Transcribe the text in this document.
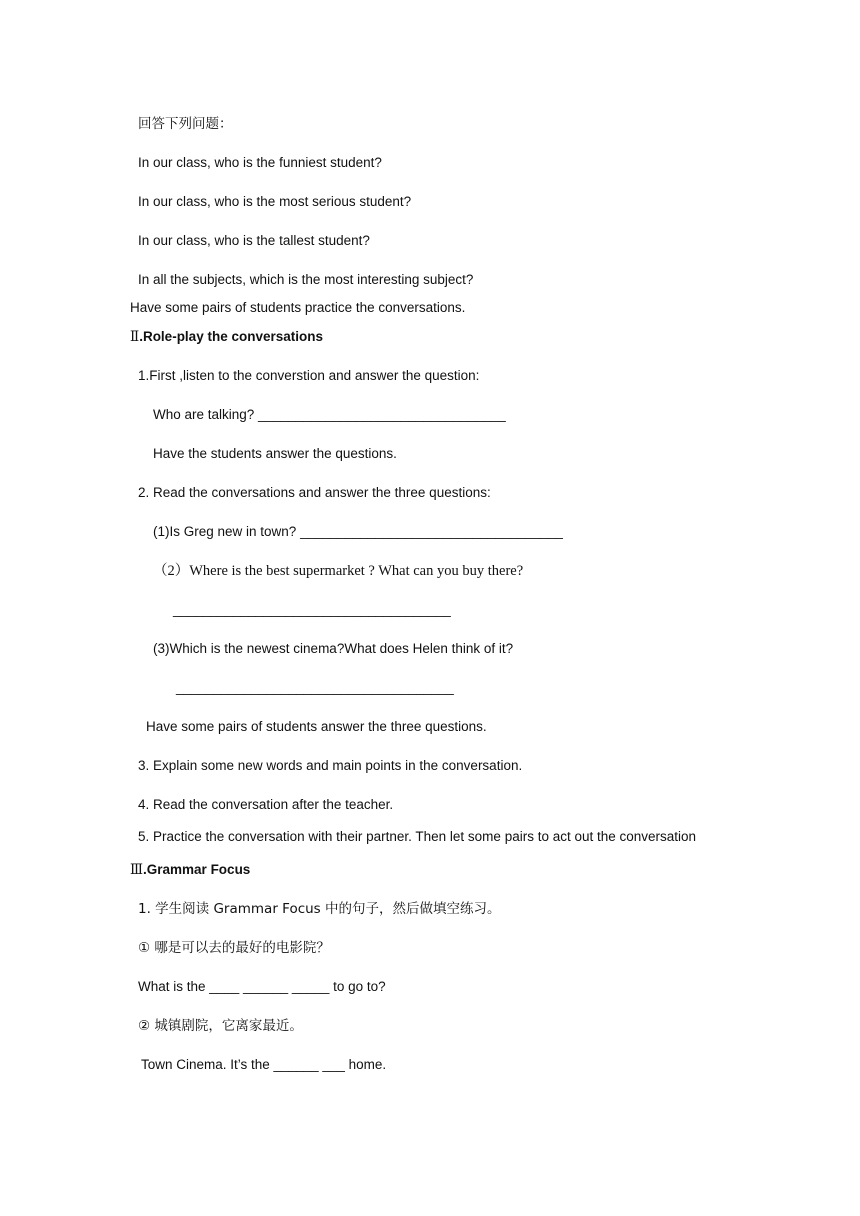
回答下列问题：
In our class, who is the funniest student?
In our class, who is the most serious student?
In our class, who is the tallest student?
In all the subjects, which is the most interesting subject?
Have some pairs of students practice the conversations.
Ⅱ.Role-play the conversations
1.First ,listen to the converstion and answer the question:
Who are talking? _________________________________
Have the students answer the questions.
2. Read the conversations and answer the three questions:
(1)Is Greg new in town? ___________________________________
（2）Where is the best supermarket ? What can you buy there?
_____________________________________
(3)Which is the newest cinema?What does Helen think of it?
_____________________________________
Have some pairs of students answer the three questions.
3. Explain some new words and main points in the conversation.
4. Read the conversation after the teacher.
5. Practice the conversation with their partner. Then let some pairs to act out the conversation
Ⅲ.Grammar Focus
1. 学生阅读 Grammar Focus 中的句子，然后做填空练习。
① 哪是可以去的最好的电影院？
What is the ____ ______ _____ to go to?
② 城镇剧院，它离家最近。
Town Cinema. It’s the ______ ___ home.
